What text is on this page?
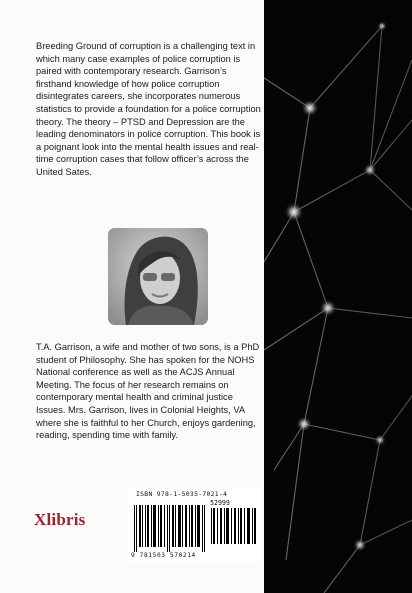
Breeding Ground of corruption is a challenging text in which many case examples of police corruption is paired with contemporary research. Garrison’s firsthand knowledge of how police corruption disintegrates careers, she incorporates numerous statistics to provide a foundation for a police corruption theory. The theory – PTSD and Depression are the leading denominators in police corruption. This book is a poignant look into the mental health issues and real-time corruption cases that follow officer’s across the United Sates.
T.A. Garrison, a wife and mother of two sons, is a PhD student of Philosophy. She has spoken for the NOHS National conference as well as the ACJS Annual Meeting. The focus of her research remains on contemporary mental health and criminal justice Issues. Mrs. Garrison, lives in Colonial Heights, VA where she is faithful to her Church, enjoys gardening, reading, spending time with family.
Xlibris
ISBN 978-1-5035-7021-4
52999
9 781503 570214
